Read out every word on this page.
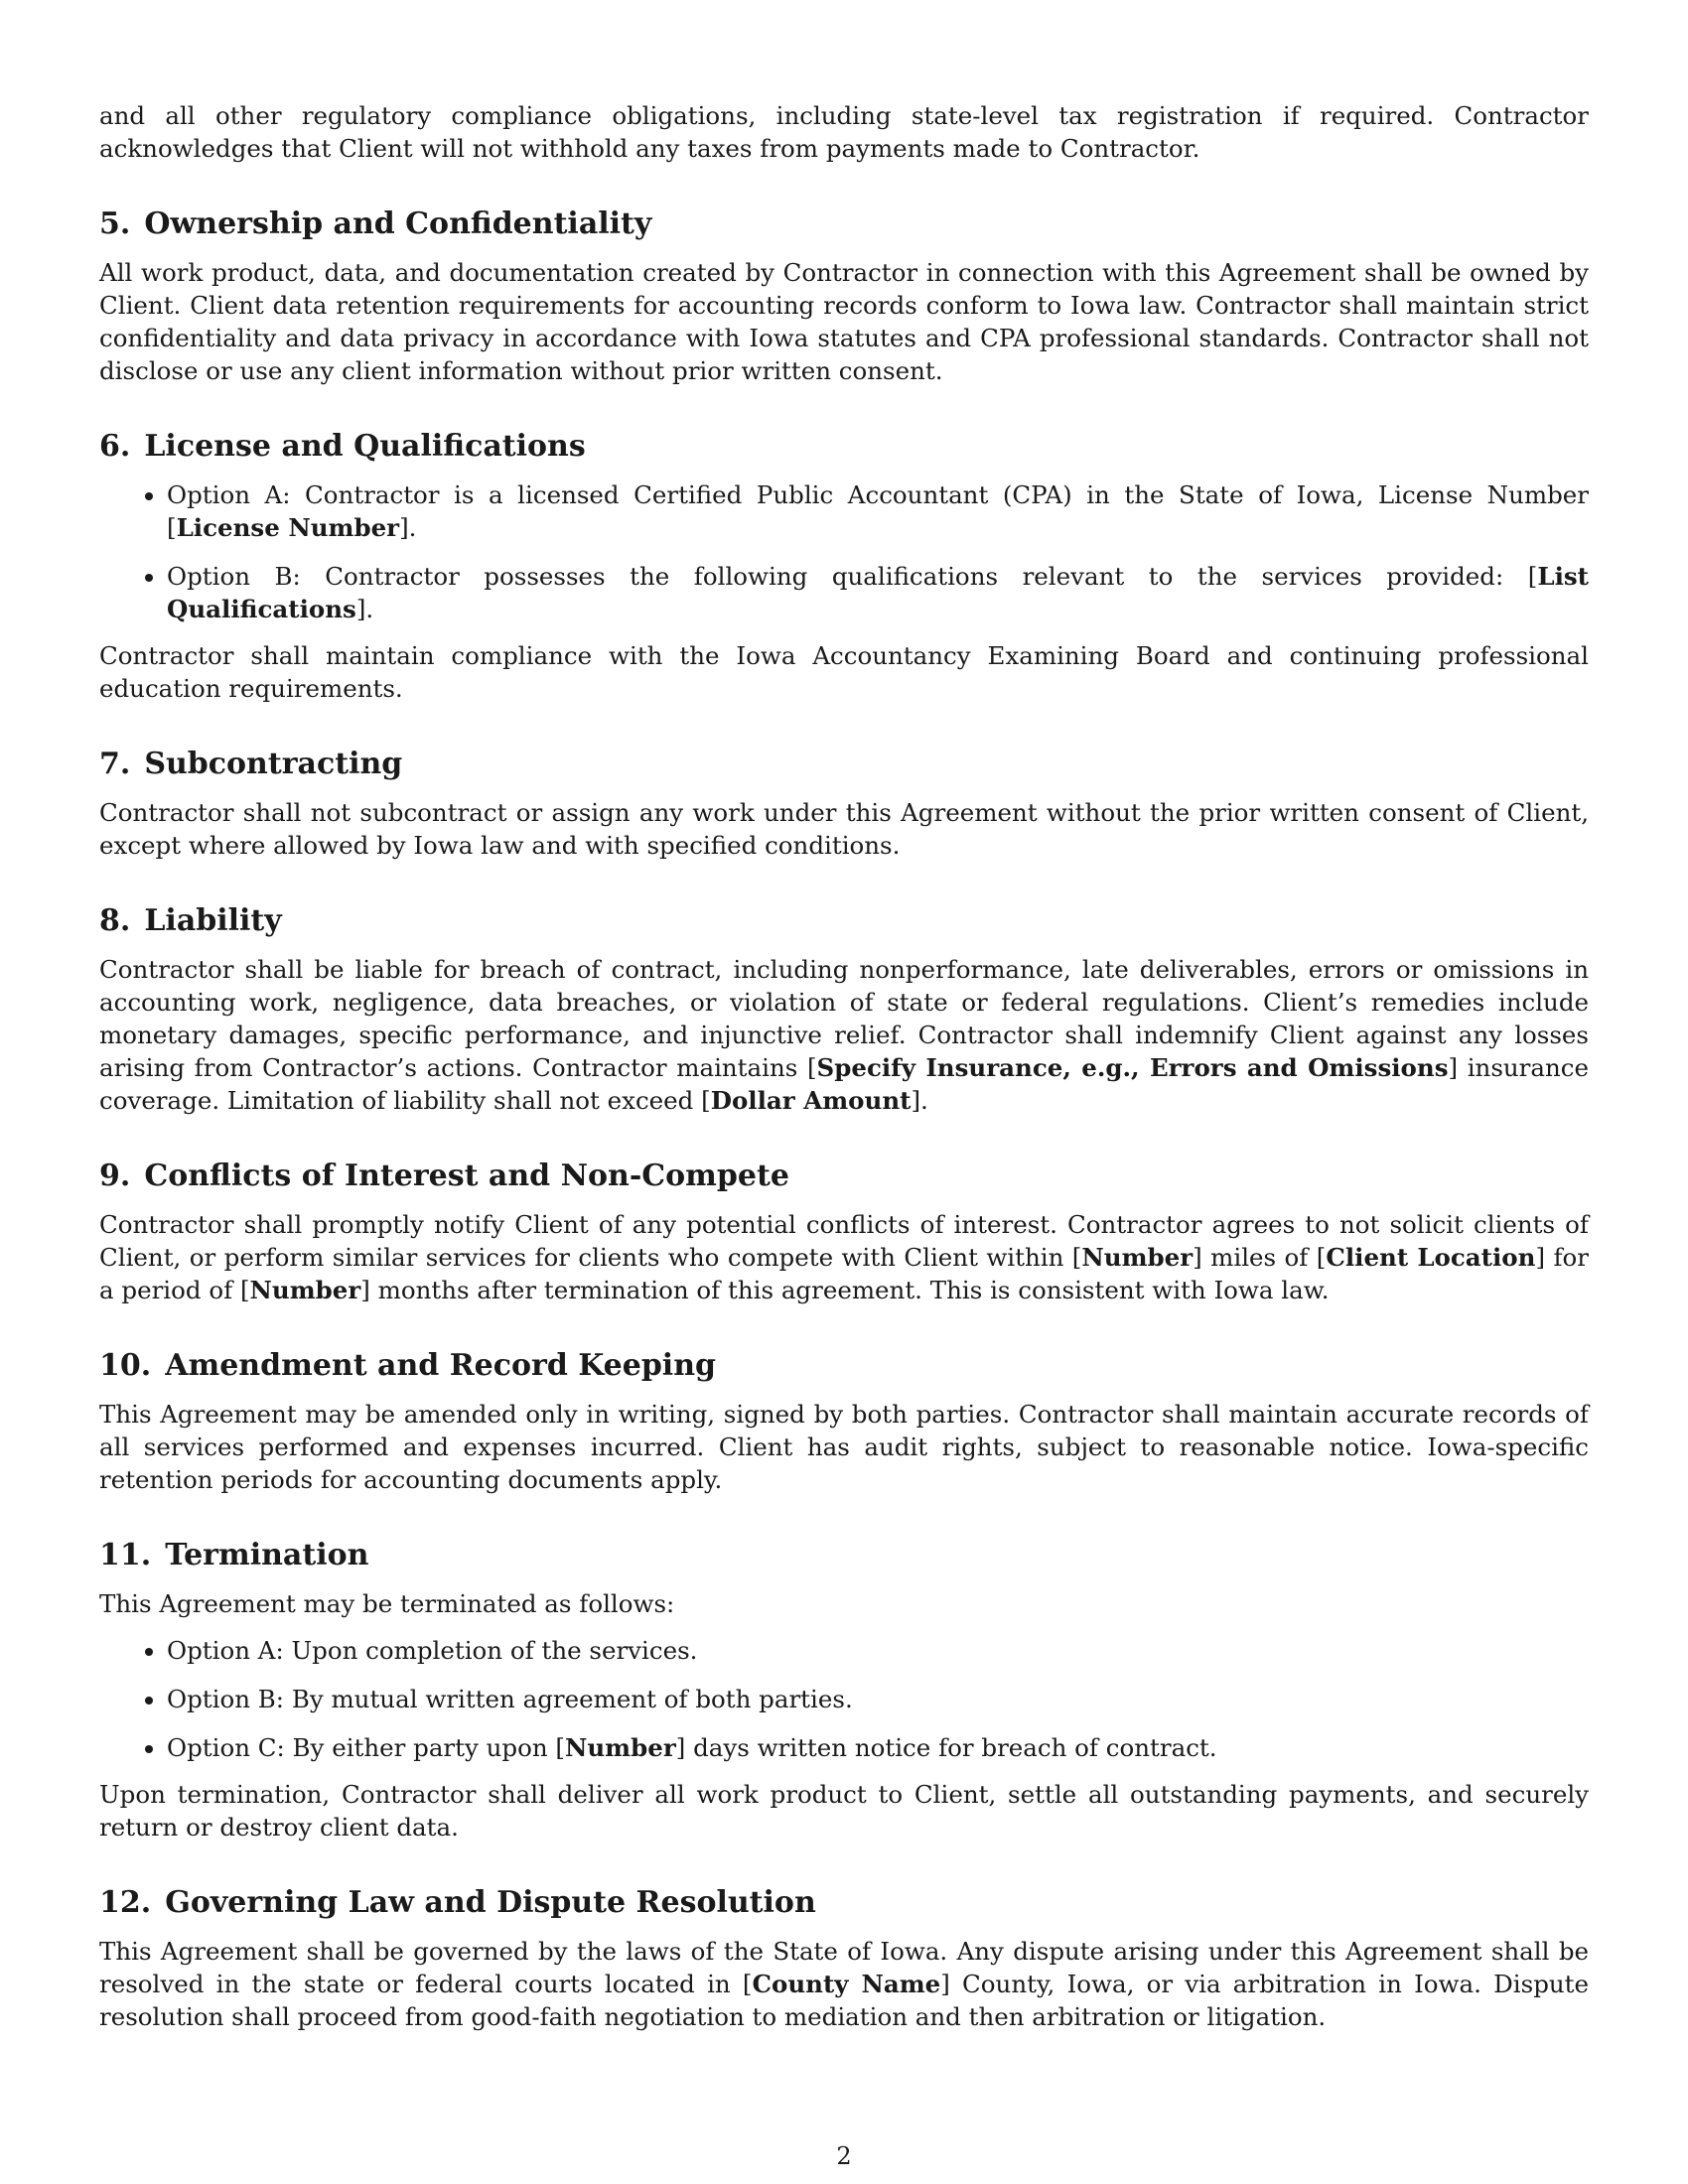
and all other regulatory compliance obligations, including state-level tax registration if required. Contractor acknowledges that Client will not withhold any taxes from payments made to Contractor.

5. Ownership and Confidentiality

All work product, data, and documentation created by Contractor in connection with this Agreement shall be owned by Client. Client data retention requirements for accounting records conform to Iowa law. Contractor shall maintain strict confidentiality and data privacy in accordance with Iowa statutes and CPA professional standards. Contractor shall not disclose or use any client information without prior written consent.

6. License and Qualifications
• Option A: Contractor is a licensed Certified Public Accountant (CPA) in the State of Iowa, License Number [License Number].
• Option B: Contractor possesses the following qualifications relevant to the services provided: [List Qualifications].

Contractor shall maintain compliance with the Iowa Accountancy Examining Board and continuing professional education requirements.

7. Subcontracting

Contractor shall not subcontract or assign any work under this Agreement without the prior written consent of Client, except where allowed by Iowa law and with specified conditions.

8. Liability

Contractor shall be liable for breach of contract, including nonperformance, late deliverables, errors or omissions in accounting work, negligence, data breaches, or violation of state or federal regulations. Client’s remedies include monetary damages, specific performance, and injunctive relief. Contractor shall indemnify Client against any losses arising from Contractor’s actions. Contractor maintains [Specify Insurance, e.g., Errors and Omissions] insurance coverage. Limitation of liability shall not exceed [Dollar Amount].

9. Conflicts of Interest and Non-Compete

Contractor shall promptly notify Client of any potential conflicts of interest. Contractor agrees to not solicit clients of Client, or perform similar services for clients who compete with Client within [Number] miles of [Client Location] for a period of [Number] months after termination of this agreement. This is consistent with Iowa law.

10. Amendment and Record Keeping

This Agreement may be amended only in writing, signed by both parties. Contractor shall maintain accurate records of all services performed and expenses incurred. Client has audit rights, subject to reasonable notice. Iowa-specific retention periods for accounting documents apply.

11. Termination

This Agreement may be terminated as follows:

• Option A: Upon completion of the services.
• Option B: By mutual written agreement of both parties.
• Option C: By either party upon [Number] days written notice for breach of contract.

Upon termination, Contractor shall deliver all work product to Client, settle all outstanding payments, and securely return or destroy client data.

12. Governing Law and Dispute Resolution

This Agreement shall be governed by the laws of the State of Iowa. Any dispute arising under this Agreement shall be resolved in the state or federal courts located in [County Name] County, Iowa, or via arbitration in Iowa. Dispute resolution shall proceed from good-faith negotiation to mediation and then arbitration or litigation.

2
